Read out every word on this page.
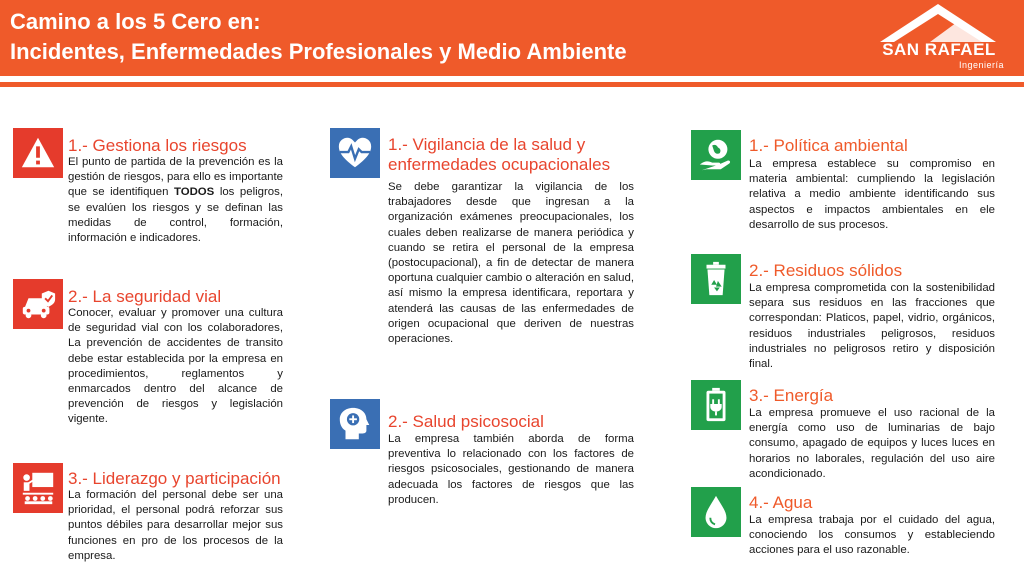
Camino a los 5 Cero en:
Incidentes, Enfermedades Profesionales y Medio Ambiente	SAN RAFAEL
Ingeniería
1.- Gestiona los riesgos

El punto de partida de la prevención es la gestión de riesgos, para ello es importante que se identifiquen TODOS los peligros, se evalúen los riesgos y se definan las medidas de control, formación, información e indicadores.

2.- La seguridad vial

Conocer, evaluar y promover una cultura de seguridad vial con los colaboradores, La prevención de accidentes de transito debe estar establecida por la empresa en procedimientos, reglamentos y enmarcados dentro del alcance de prevención de riesgos y legislación vigente.

3.- Liderazgo y participación

La formación del personal debe ser una prioridad, el personal podrá reforzar sus puntos débiles para desarrollar mejor sus funciones en pro de los procesos de la empresa.

1.- Vigilancia de la salud y
enfermedades ocupacionales

Se debe garantizar la vigilancia de los trabajadores desde que ingresan a la organización exámenes preocupacionales, los cuales deben realizarse de manera periódica y cuando se retira el personal de la empresa (postocupacional), a fin de detectar de manera oportuna cualquier cambio o alteración en salud, así mismo la empresa identificara, reportara y atenderá las causas de las enfermedades de origen ocupacional que deriven de nuestras operaciones.

2.- Salud psicosocial

La empresa también aborda de forma preventiva lo relacionado con los factores de riesgos psicosociales, gestionando de manera adecuada los factores de riesgos que las producen.

1.- Política ambiental

La empresa establece su compromiso en materia ambiental: cumpliendo la legislación relativa a medio ambiente identificando sus aspectos e impactos ambientales en ele desarrollo de sus procesos.

2.- Residuos sólidos

La empresa comprometida con la sostenibilidad separa sus residuos en las fracciones que correspondan: Platicos, papel, vidrio, orgánicos, residuos industriales peligrosos, residuos industriales no peligrosos retiro y disposición final.

3.- Energía

La empresa promueve el uso racional de la energía como uso de luminarias de bajo consumo, apagado de equipos y luces luces en horarios no laborales, regulación del uso aire acondicionado.

4.- Agua

La empresa trabaja por el cuidado del agua, conociendo los consumos y estableciendo acciones para el uso razonable.
